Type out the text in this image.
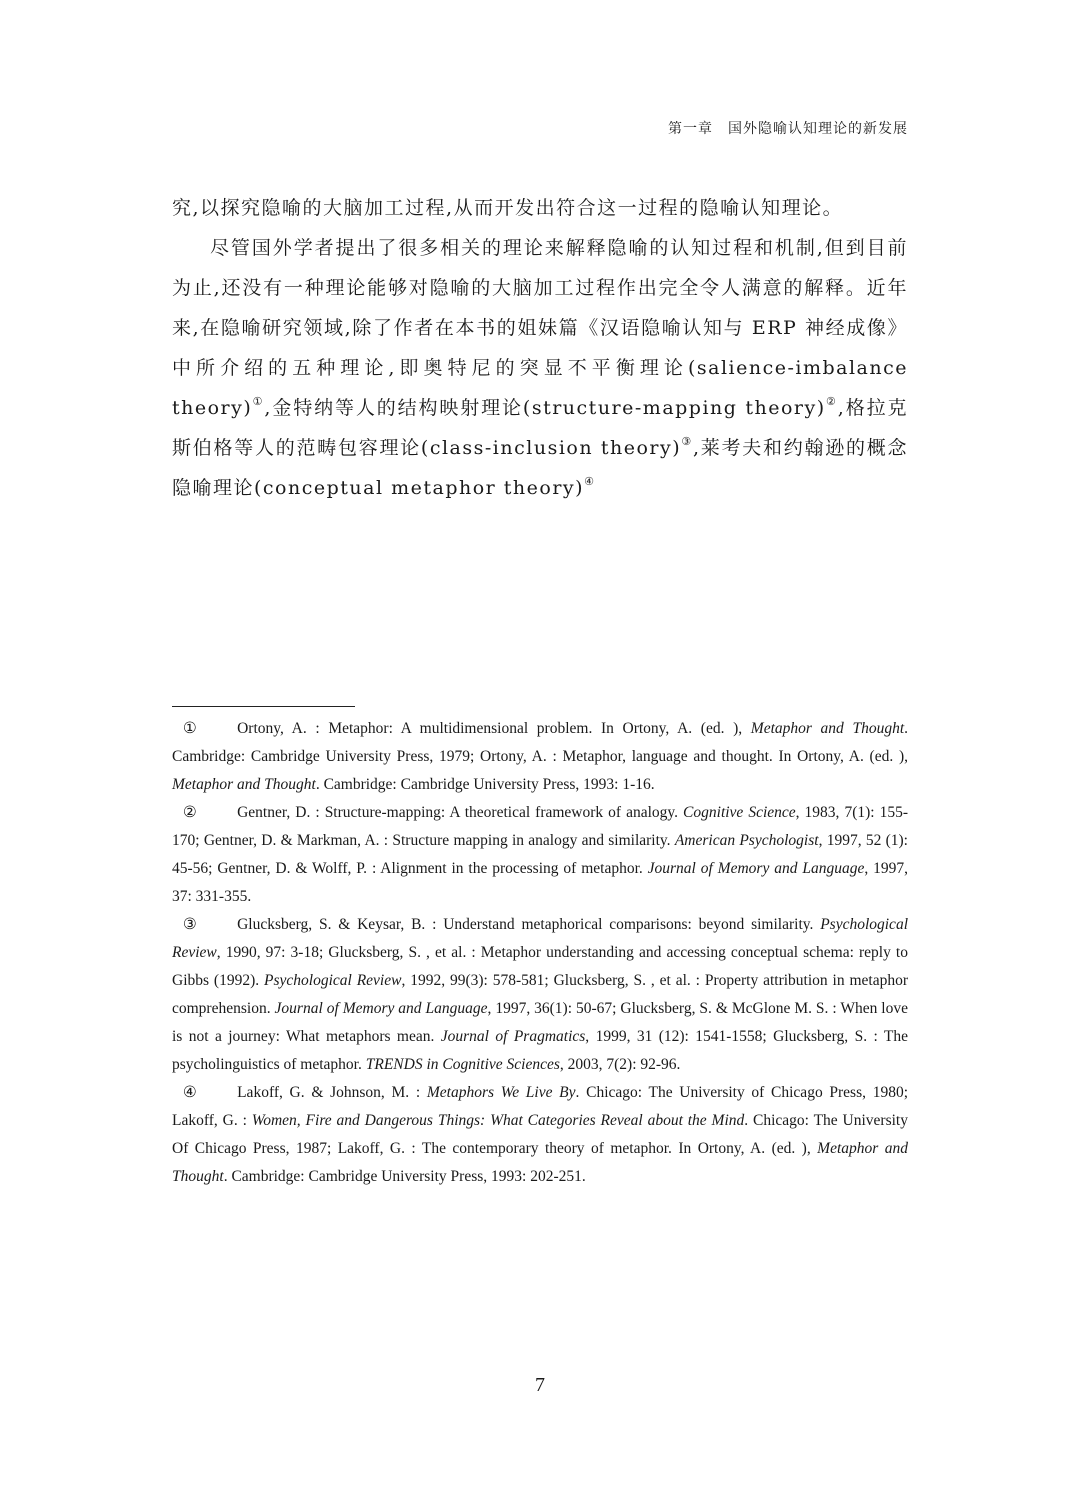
第一章　国外隐喻认知理论的新发展

究,以探究隐喻的大脑加工过程,从而开发出符合这一过程的隐喻认知理论。

尽管国外学者提出了很多相关的理论来解释隐喻的认知过程和机制,但到目前为止,还没有一种理论能够对隐喻的大脑加工过程作出完全令人满意的解释。近年来,在隐喻研究领域,除了作者在本书的姐妹篇《汉语隐喻认知与 ERP 神经成像》中所介绍的五种理论,即奥特尼的突显不平衡理论(salience-imbalance theory)①,金特纳等人的结构映射理论(structure-mapping theory)②,格拉克斯伯格等人的范畴包容理论(class-inclusion theory)③,莱考夫和约翰逊的概念隐喻理论(conceptual metaphor theory)④

①	Ortony, A. : Metaphor: A multidimensional problem. In Ortony, A. (ed. ), Metaphor and Thought. Cambridge: Cambridge University Press, 1979; Ortony, A. : Metaphor, language and thought. In Ortony, A. (ed. ), Metaphor and Thought. Cambridge: Cambridge University Press, 1993: 1-16.

②	Gentner, D. : Structure-mapping: A theoretical framework of analogy. Cognitive Science, 1983, 7(1): 155-170; Gentner, D. & Markman, A. : Structure mapping in analogy and similarity. American Psychologist, 1997, 52 (1): 45-56; Gentner, D. & Wolff, P. : Alignment in the processing of metaphor. Journal of Memory and Language, 1997, 37: 331-355.

③	Glucksberg, S. & Keysar, B. : Understand metaphorical comparisons: beyond similarity. Psychological Review, 1990, 97: 3-18; Glucksberg, S. , et al. : Metaphor understanding and accessing conceptual schema: reply to Gibbs (1992). Psychological Review, 1992, 99(3): 578-581; Glucksberg, S. , et al. : Property attribution in metaphor comprehension. Journal of Memory and Language, 1997, 36(1): 50-67; Glucksberg, S. & McGlone M. S. : When love is not a journey: What metaphors mean. Journal of Pragmatics, 1999, 31 (12): 1541-1558; Glucksberg, S. : The psycholinguistics of metaphor. TRENDS in Cognitive Sciences, 2003, 7(2): 92-96.

④	Lakoff, G. & Johnson, M. : Metaphors We Live By. Chicago: The University of Chicago Press, 1980; Lakoff, G. : Women, Fire and Dangerous Things: What Categories Reveal about the Mind. Chicago: The University Of Chicago Press, 1987; Lakoff, G. : The contemporary theory of metaphor. In Ortony, A. (ed. ), Metaphor and Thought. Cambridge: Cambridge University Press, 1993: 202-251.

7
